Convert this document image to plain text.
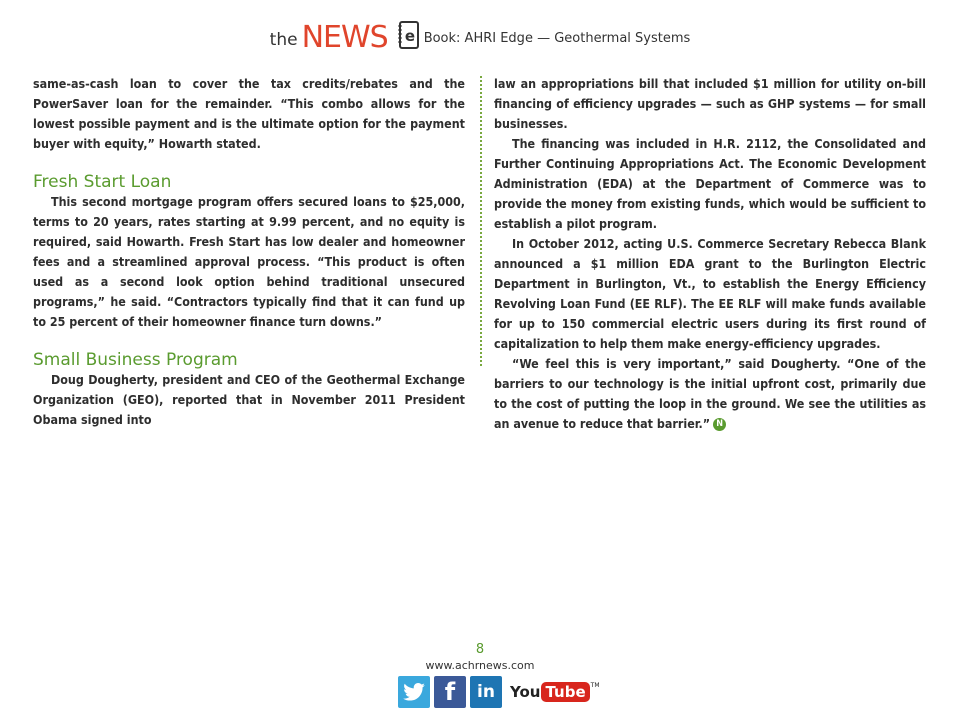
the NEWS e Book: AHRI Edge — Geothermal Systems

same-as-cash loan to cover the tax credits/rebates and the PowerSaver loan for the remainder. “This combo allows for the lowest possible payment and is the ultimate option for the payment buyer with equity,” Howarth stated.

Fresh Start Loan

This second mortgage program offers secured loans to $25,000, terms to 20 years, rates starting at 9.99 percent, and no equity is required, said Howarth. Fresh Start has low dealer and homeowner fees and a streamlined approval process. “This product is often used as a second look option behind traditional unsecured programs,” he said. “Contractors typically find that it can fund up to 25 percent of their homeowner finance turn downs.”

Small Business Program

Doug Dougherty, president and CEO of the Geothermal Exchange Organization (GEO), reported that in November 2011 President Obama signed into

law an appropriations bill that included $1 million for utility on-bill financing of efficiency upgrades — such as GHP systems — for small businesses.

The financing was included in H.R. 2112, the Consolidated and Further Continuing Appropriations Act. The Economic Development Administration (EDA) at the Department of Commerce was to provide the money from existing funds, which would be sufficient to establish a pilot program.

In October 2012, acting U.S. Commerce Secretary Rebecca Blank announced a $1 million EDA grant to the Burlington Electric Department in Burlington, Vt., to establish the Energy Efficiency Revolving Loan Fund (EE RLF). The EE RLF will make funds available for up to 150 commercial electric users during its first round of capitalization to help them make energy-efficiency upgrades.

“We feel this is very important,” said Dougherty. “One of the barriers to our technology is the initial upfront cost, primarily due to the cost of putting the loop in the ground. We see the utilities as an avenue to reduce that barrier.” N

8
www.achrnews.com
f	in	You Tube TM
